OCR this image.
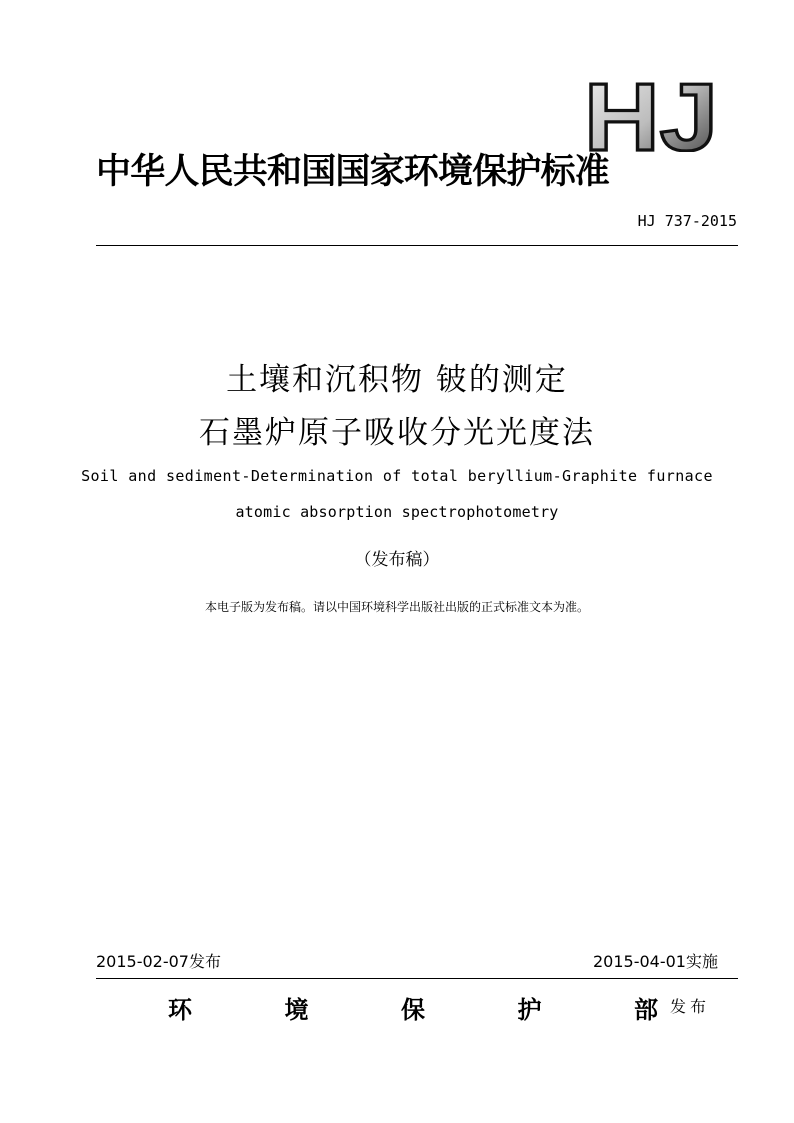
HJ
中华人民共和国国家环境保护标准
HJ 737-2015
土壤和沉积物 铍的测定
石墨炉原子吸收分光光度法
Soil and sediment-Determination of total beryllium-Graphite furnace
atomic absorption spectrophotometry
（发布稿）
本电子版为发布稿。请以中国环境科学出版社出版的正式标准文本为准。
2015-02-07发布	2015-04-01实施
环	境	保	护	部 发布
